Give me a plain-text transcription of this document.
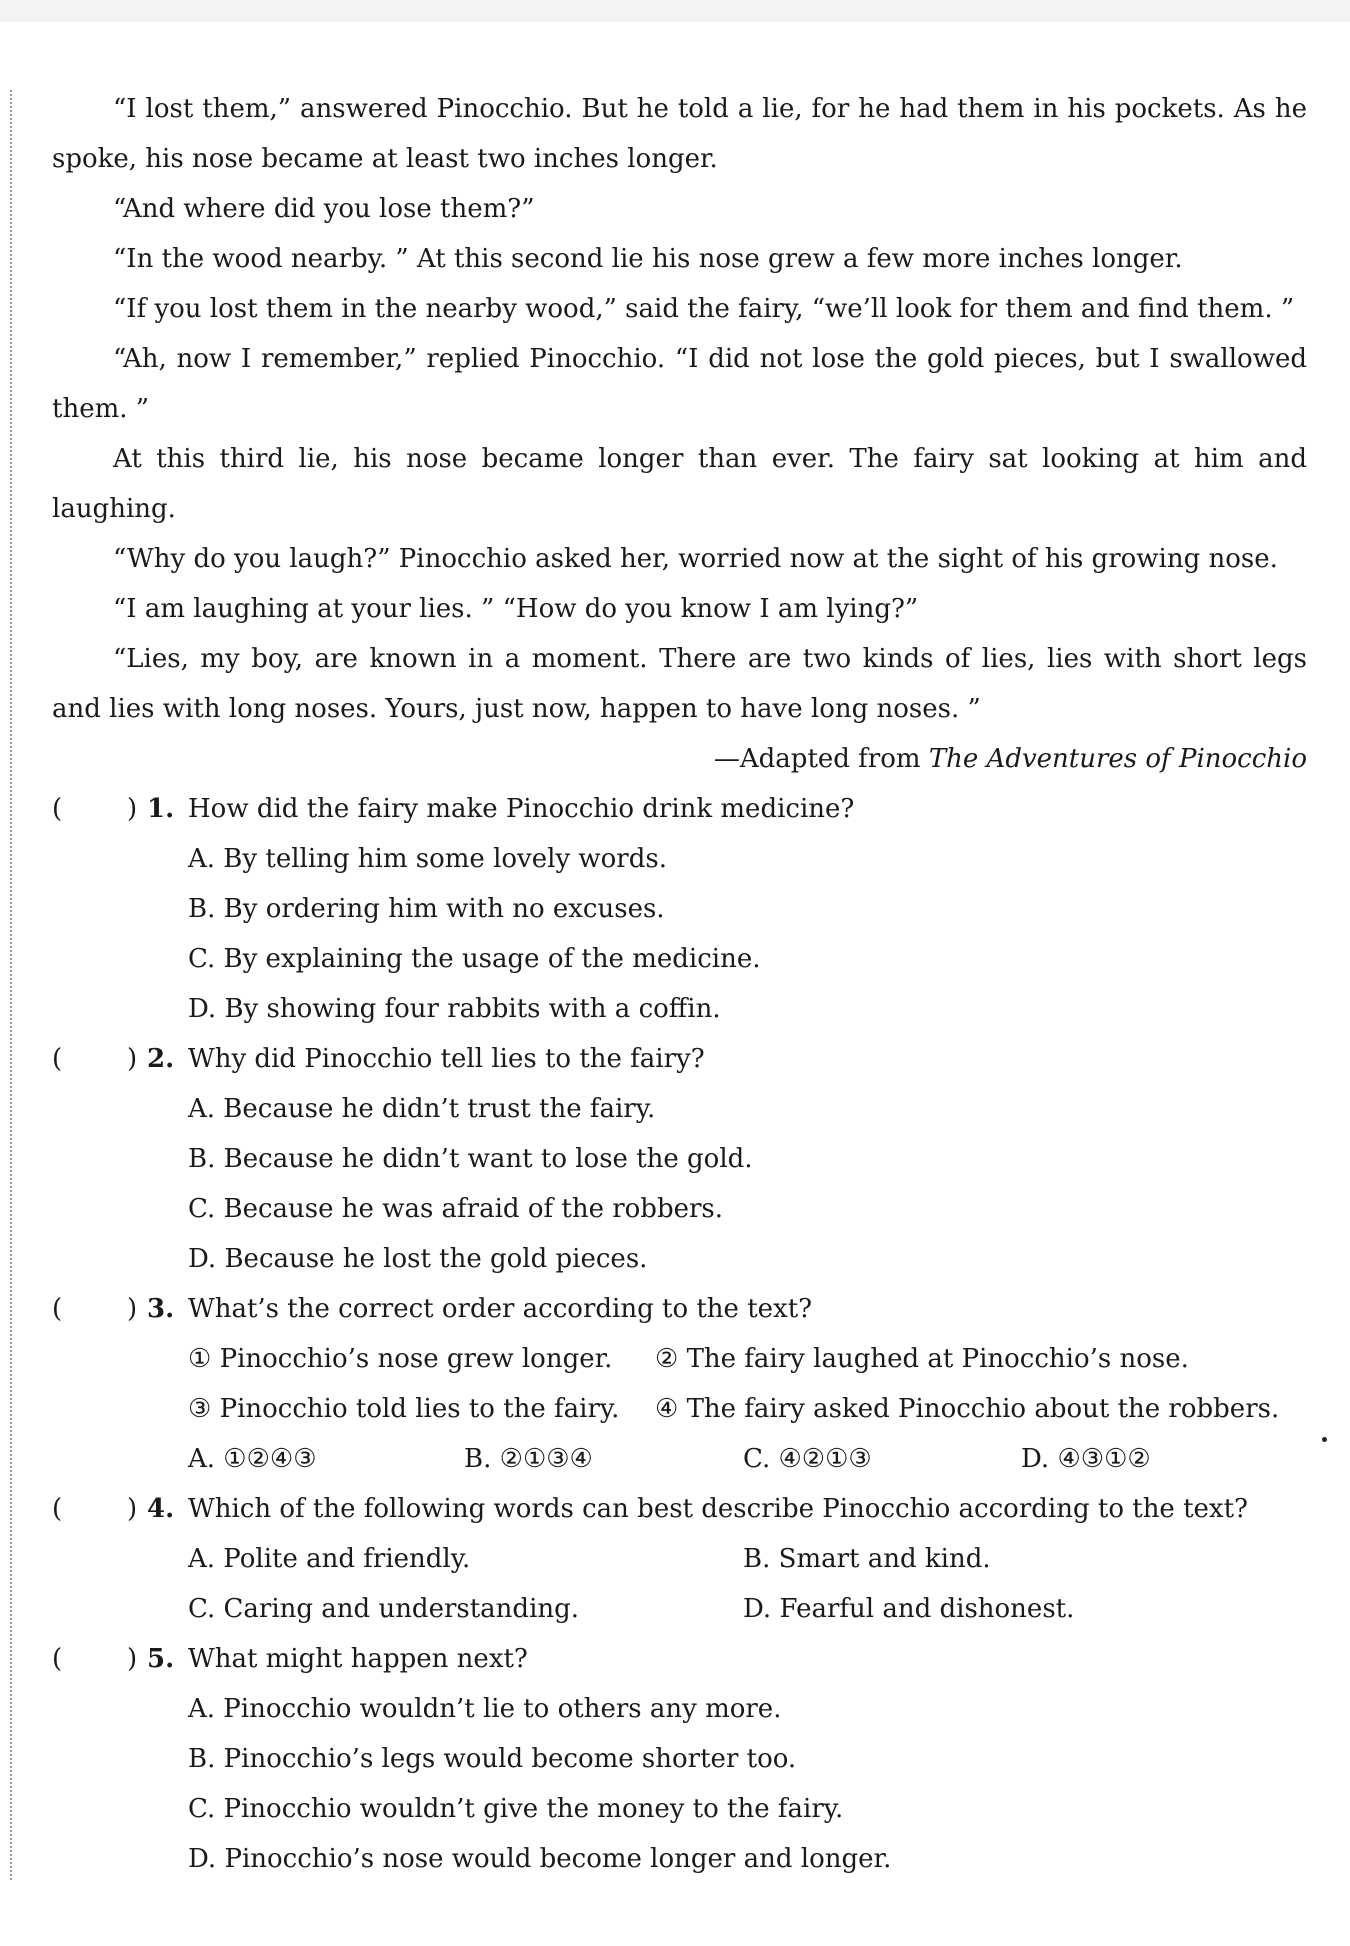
“I lost them,” answered Pinocchio. But he told a lie, for he had them in his pockets. As he spoke, his nose became at least two inches longer.

“And where did you lose them?”

“In the wood nearby. ” At this second lie his nose grew a few more inches longer.

“If you lost them in the nearby wood,” said the fairy, “we’ll look for them and find them. ”

“Ah, now I remember,” replied Pinocchio. “I did not lose the gold pieces, but I swallowed them. ”

At this third lie, his nose became longer than ever. The fairy sat looking at him and laughing.

“Why do you laugh?” Pinocchio asked her, worried now at the sight of his growing nose.

“I am laughing at your lies. ” “How do you know I am lying?”

“Lies, my boy, are known in a moment. There are two kinds of lies, lies with short legs and lies with long noses. Yours, just now, happen to have long noses. ”

—Adapted from The Adventures of Pinocchio

( ) 1. How did the fairy make Pinocchio drink medicine?

A. By telling him some lovely words.

B. By ordering him with no excuses.

C. By explaining the usage of the medicine.

D. By showing four rabbits with a coffin.

( ) 2. Why did Pinocchio tell lies to the fairy?

A. Because he didn’t trust the fairy.

B. Because he didn’t want to lose the gold.

C. Because he was afraid of the robbers.

D. Because he lost the gold pieces.

( ) 3. What’s the correct order according to the text?

① Pinocchio’s nose grew longer. ② The fairy laughed at Pinocchio’s nose.

③ Pinocchio told lies to the fairy. ④ The fairy asked Pinocchio about the robbers.

A. ①②④③	B. ②①③④	C. ④②①③	D. ④③①②

( ) 4. Which of the following words can best describe Pinocchio according to the text?

A. Polite and friendly.	B. Smart and kind.

C. Caring and understanding.	D. Fearful and dishonest.

( ) 5. What might happen next?

A. Pinocchio wouldn’t lie to others any more.

B. Pinocchio’s legs would become shorter too.

C. Pinocchio wouldn’t give the money to the fairy.

D. Pinocchio’s nose would become longer and longer.
